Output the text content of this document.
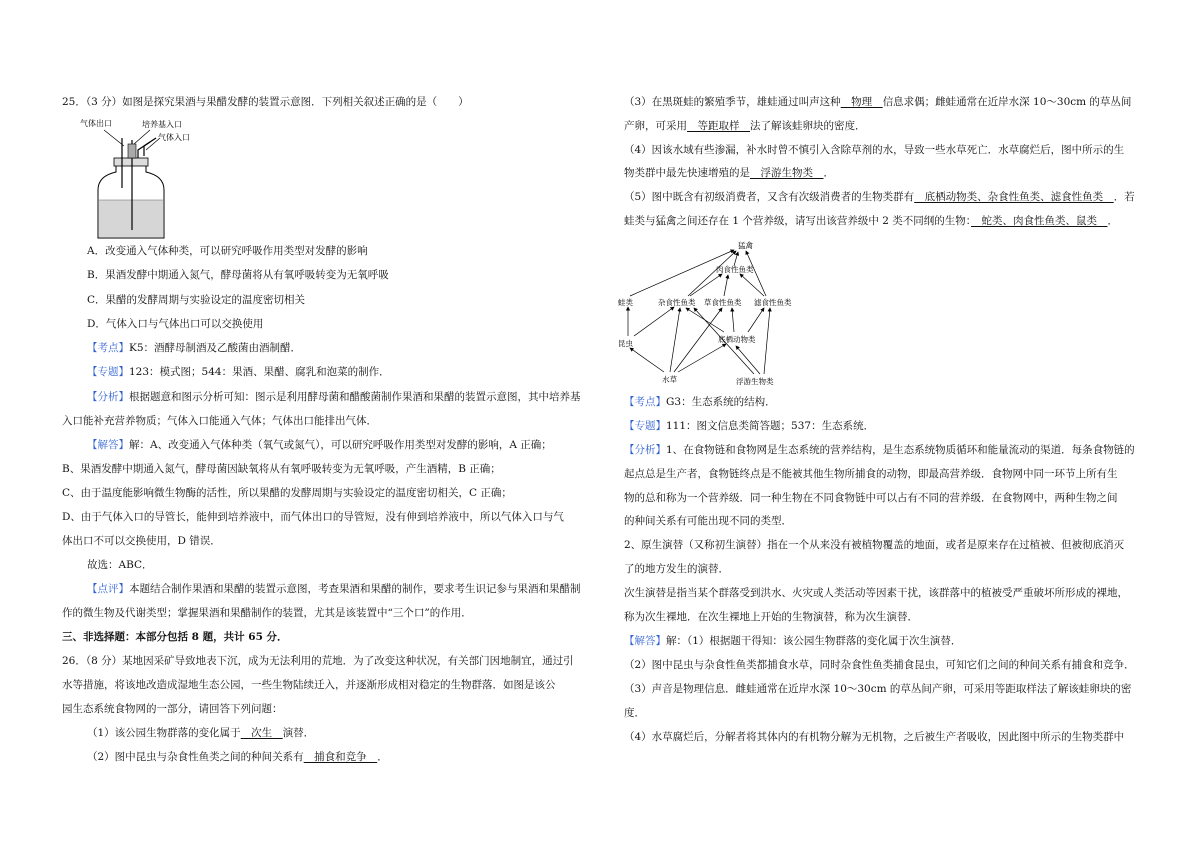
25．（3 分）如图是探究果酒与果醋发酵的装置示意图．下列相关叙述正确的是（　　）
气体出口	培养基入口
气体入口
A．改变通入气体种类，可以研究呼吸作用类型对发酵的影响
B．果酒发酵中期通入氮气，酵母菌将从有氧呼吸转变为无氧呼吸
C．果醋的发酵周期与实验设定的温度密切相关
D．气体入口与气体出口可以交换使用
【考点】K5：酒酵母制酒及乙酸菌由酒制醋．
【专题】123：模式图；544：果酒、果醋、腐乳和泡菜的制作．
【分析】根据题意和图示分析可知：图示是利用酵母菌和醋酸菌制作果酒和果醋的装置示意图，其中培养基
入口能补充营养物质；气体入口能通入气体；气体出口能排出气体．
【解答】解：A、改变通入气体种类（氧气或氮气），可以研究呼吸作用类型对发酵的影响，A 正确；
B、果酒发酵中期通入氮气，酵母菌因缺氧将从有氧呼吸转变为无氧呼吸，产生酒精，B 正确；
C、由于温度能影响微生物酶的活性，所以果醋的发酵周期与实验设定的温度密切相关，C 正确；
D、由于气体入口的导管长，能伸到培养液中，而气体出口的导管短，没有伸到培养液中，所以气体入口与气
体出口不可以交换使用，D 错误．
故选：ABC．
【点评】本题结合制作果酒和果醋的装置示意图，考查果酒和果醋的制作，要求考生识记参与果酒和果醋制
作的微生物及代谢类型；掌握果酒和果醋制作的装置，尤其是该装置中“三个口”的作用．
三、非选择题：本部分包括 8 题，共计 65 分．
26．（8 分）某地因采矿导致地表下沉，成为无法利用的荒地．为了改变这种状况，有关部门因地制宜，通过引
水等措施，将该地改造成湿地生态公园，一些生物陆续迁入，并逐渐形成相对稳定的生物群落．如图是该公
园生态系统食物网的一部分，请回答下列问题：
（1）该公园生物群落的变化属于　次生　演替．
（2）图中昆虫与杂食性鱼类之间的种间关系有　捕食和竞争　．
（3）在黑斑蛙的繁殖季节，雄蛙通过叫声这种　物理　信息求偶；雌蛙通常在近岸水深 10～30cm 的草丛间
产卵，可采用　等距取样　法了解该蛙卵块的密度．
（4）因该水域有些渗漏，补水时曾不慎引入含除草剂的水，导致一些水草死亡．水草腐烂后，图中所示的生
物类群中最先快速增殖的是　浮游生物类　．
（5）图中既含有初级消费者，又含有次级消费者的生物类群有　底栖动物类、杂食性鱼类、滤食性鱼类　．若
蛙类与猛禽之间还存在 1 个营养级，请写出该营养级中 2 类不同纲的生物：　蛇类、肉食性鱼类、鼠类　．
猛禽
肉食性鱼类
蛙类	杂食性鱼类 草食性鱼类 滤食性鱼类
昆虫	底栖动物类
水草	浮游生物类
【考点】G3：生态系统的结构．
【专题】111：图文信息类简答题；537：生态系统．
【分析】1、在食物链和食物网是生态系统的营养结构，是生态系统物质循环和能量流动的渠道．每条食物链的
起点总是生产者，食物链终点是不能被其他生物所捕食的动物，即最高营养级．食物网中同一环节上所有生
物的总和称为一个营养级．同一种生物在不同食物链中可以占有不同的营养级．在食物网中，两种生物之间
的种间关系有可能出现不同的类型．
2、原生演替（又称初生演替）指在一个从来没有被植物覆盖的地面，或者是原来存在过植被、但被彻底消灭
了的地方发生的演替．
次生演替是指当某个群落受到洪水、火灾或人类活动等因素干扰，该群落中的植被受严重破坏所形成的裸地，
称为次生裸地．在次生裸地上开始的生物演替，称为次生演替．
【解答】解：（1）根据题干得知：该公园生物群落的变化属于次生演替．
（2）图中昆虫与杂食性鱼类都捕食水草，同时杂食性鱼类捕食昆虫，可知它们之间的种间关系有捕食和竞争．
（3）声音是物理信息．雌蛙通常在近岸水深 10～30cm 的草丛间产卵，可采用等距取样法了解该蛙卵块的密
度．
（4）水草腐烂后，分解者将其体内的有机物分解为无机物，之后被生产者吸收，因此图中所示的生物类群中
